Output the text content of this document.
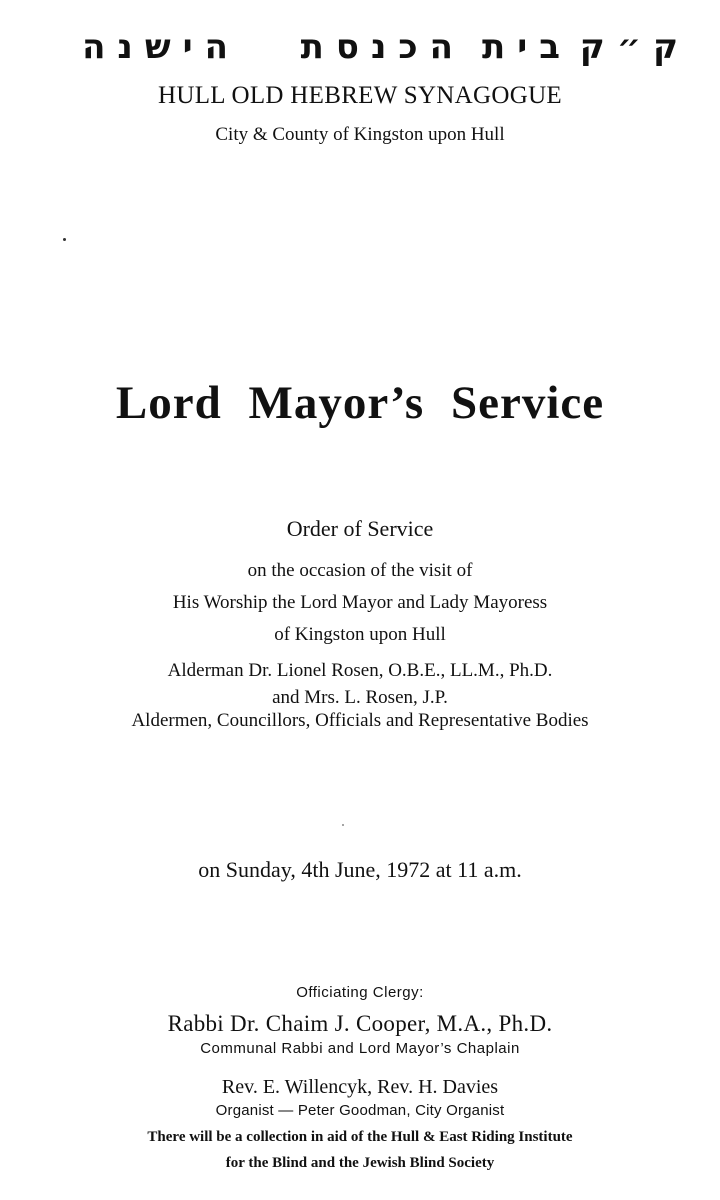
ק״ק
בית
הכנסת
הישנה
HULL OLD HEBREW SYNAGOGUE
City & County of Kingston upon Hull
Lord Mayor’s Service
Order of Service
on the occasion of the visit of
His Worship the Lord Mayor and Lady Mayoress
of Kingston upon Hull
Alderman Dr. Lionel Rosen, O.B.E., LL.M., Ph.D.
and Mrs. L. Rosen, J.P.
Aldermen, Councillors, Officials and Representative Bodies
on Sunday, 4th June, 1972 at 11 a.m.
Officiating Clergy:
Rabbi Dr. Chaim J. Cooper, M.A., Ph.D.
Communal Rabbi and Lord Mayor’s Chaplain
Rev. E. Willencyk, Rev. H. Davies
Organist — Peter Goodman, City Organist
There will be a collection in aid of the Hull & East Riding Institute
for the Blind and the Jewish Blind Society
